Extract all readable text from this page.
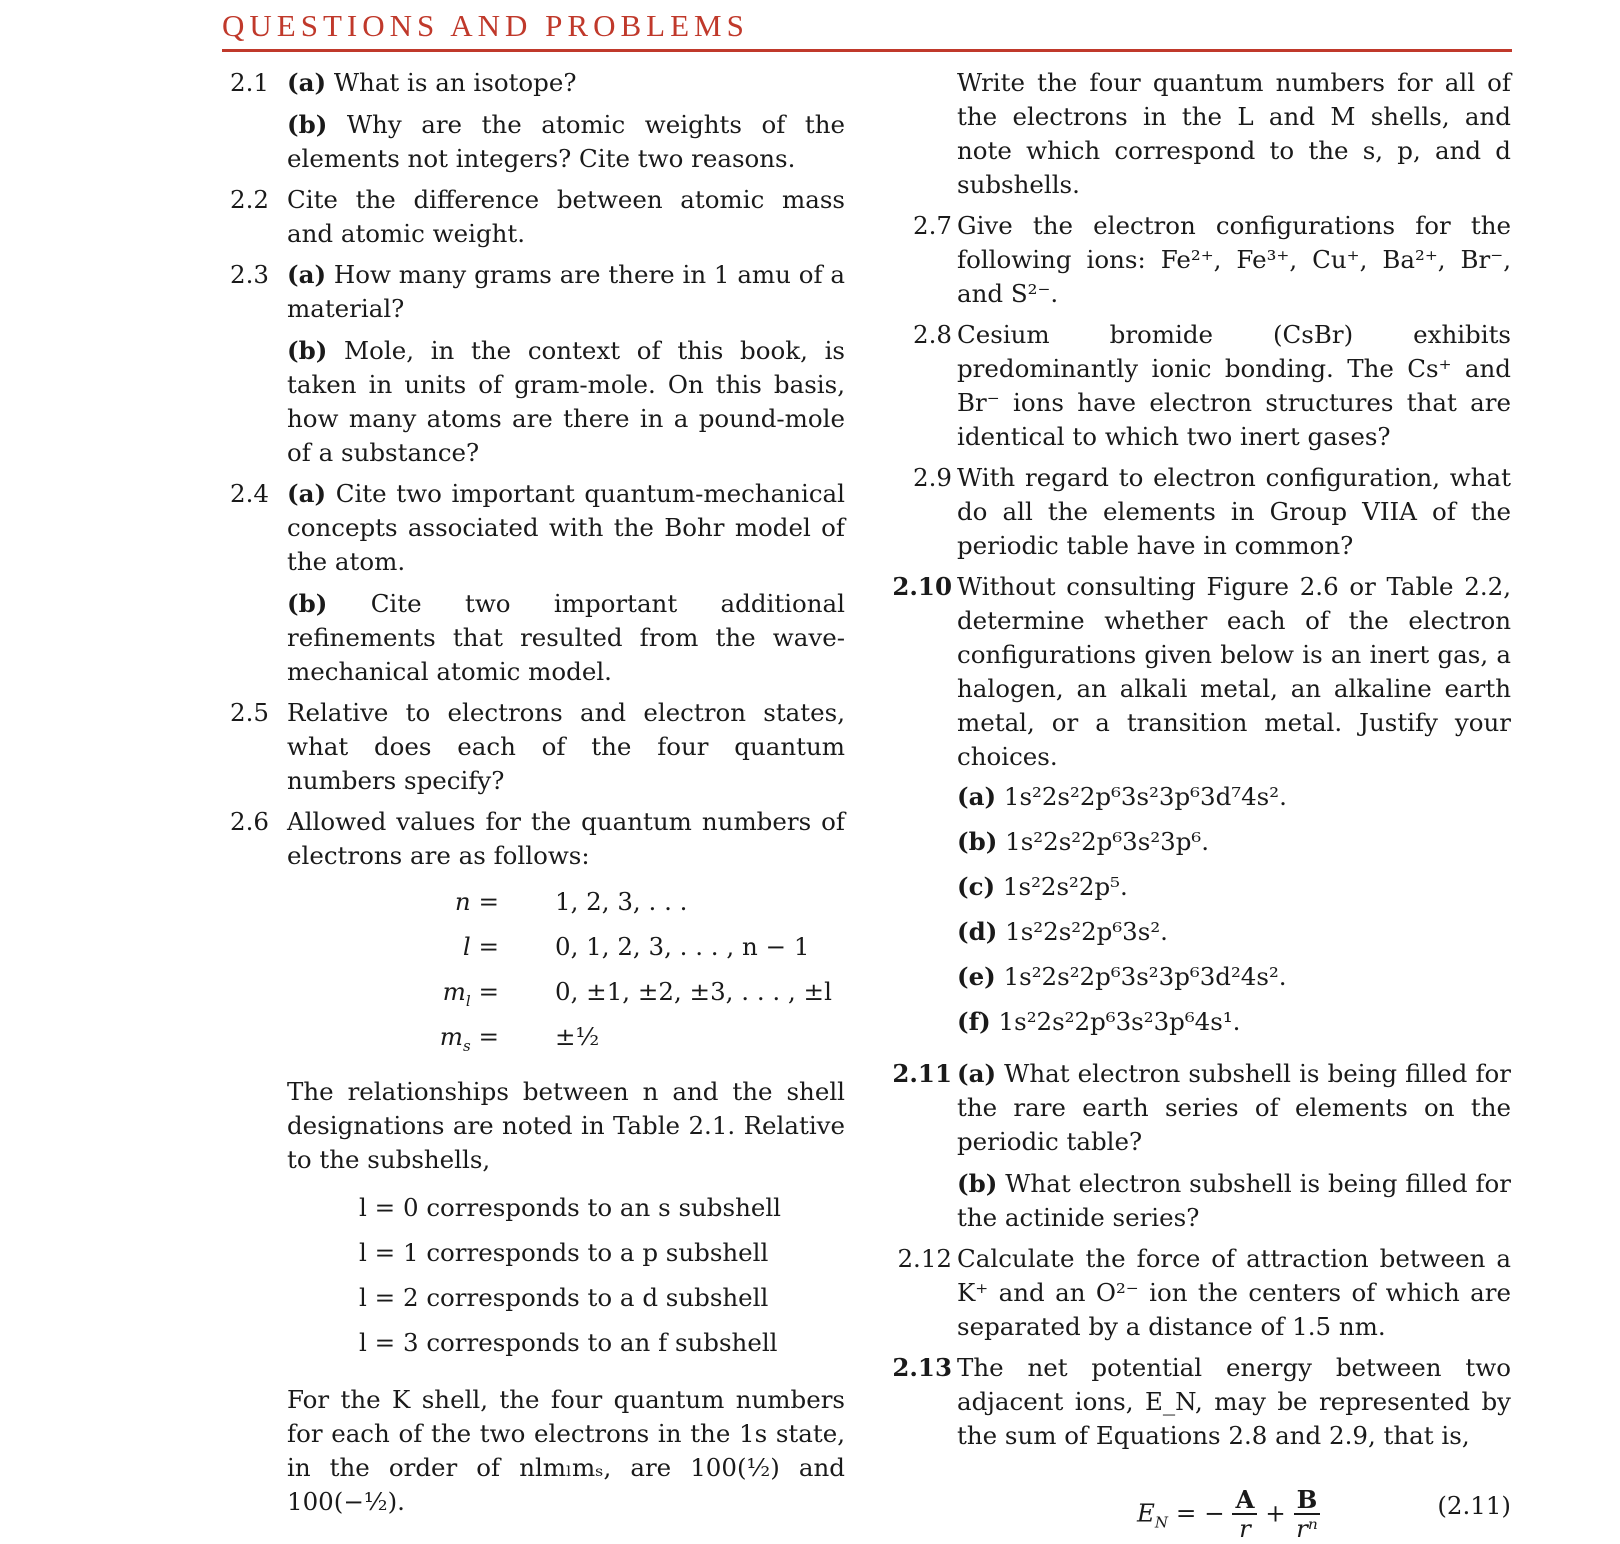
QUESTIONS AND PROBLEMS
2.1 (a) What is an isotope?
(b) Why are the atomic weights of the elements not integers? Cite two reasons.
2.2 Cite the difference between atomic mass and atomic weight.
2.3 (a) How many grams are there in 1 amu of a material?
(b) Mole, in the context of this book, is taken in units of gram-mole. On this basis, how many atoms are there in a pound-mole of a substance?
2.4 (a) Cite two important quantum-mechanical concepts associated with the Bohr model of the atom.
(b) Cite two important additional refinements that resulted from the wave-mechanical atomic model.
2.5 Relative to electrons and electron states, what does each of the four quantum numbers specify?
2.6 Allowed values for the quantum numbers of electrons are as follows:
n = 1, 2, 3, . . .
l = 0, 1, 2, 3, . . . , n − 1
$m_l = 0$, ±1, ±2, ±3, . . . , ±l
$m_s$ = ±½
The relationships between n and the shell designations are noted in Table 2.1. Relative to the subshells,
l = 0 corresponds to an s subshell
l = 1 corresponds to a p subshell
l = 2 corresponds to a d subshell
l = 3 corresponds to an f subshell
For the K shell, the four quantum numbers for each of the two electrons in the 1s state, in the order of nlmₗmₛ, are 100(½) and 100(−½).
Write the four quantum numbers for all of the electrons in the L and M shells, and note which correspond to the s, p, and d subshells.
2.7 Give the electron configurations for the following ions: Fe²⁺, Fe³⁺, Cu⁺, Ba²⁺, Br⁻, and S²⁻.
2.8 Cesium bromide (CsBr) exhibits predominantly ionic bonding. The Cs⁺ and Br⁻ ions have electron structures that are identical to which two inert gases?
2.9 With regard to electron configuration, what do all the elements in Group VIIA of the periodic table have in common?
2.10 Without consulting Figure 2.6 or Table 2.2, determine whether each of the electron configurations given below is an inert gas, a halogen, an alkali metal, an alkaline earth metal, or a transition metal. Justify your choices.
(a) 1s²2s²2p⁶3s²3p⁶3d⁷4s².
(b) 1s²2s²2p⁶3s²3p⁶.
(c) 1s²2s²2p⁵.
(d) 1s²2s²2p⁶3s².
(e) 1s²2s²2p⁶3s²3p⁶3d²4s².
(f) 1s²2s²2p⁶3s²3p⁶4s¹.
2.11 (a) What electron subshell is being filled for the rare earth series of elements on the periodic table?
(b) What electron subshell is being filled for the actinide series?
2.12 Calculate the force of attraction between a K⁺ and an O²⁻ ion the centers of which are separated by a distance of 1.5 nm.
2.13 The net potential energy between two adjacent ions, E_N, may be represented by the sum of Equations 2.8 and 2.9, that is,
$E_N$ = − $\frac{A}{r} + \frac{B}{\text{rⁿ}}$	(2.11)
